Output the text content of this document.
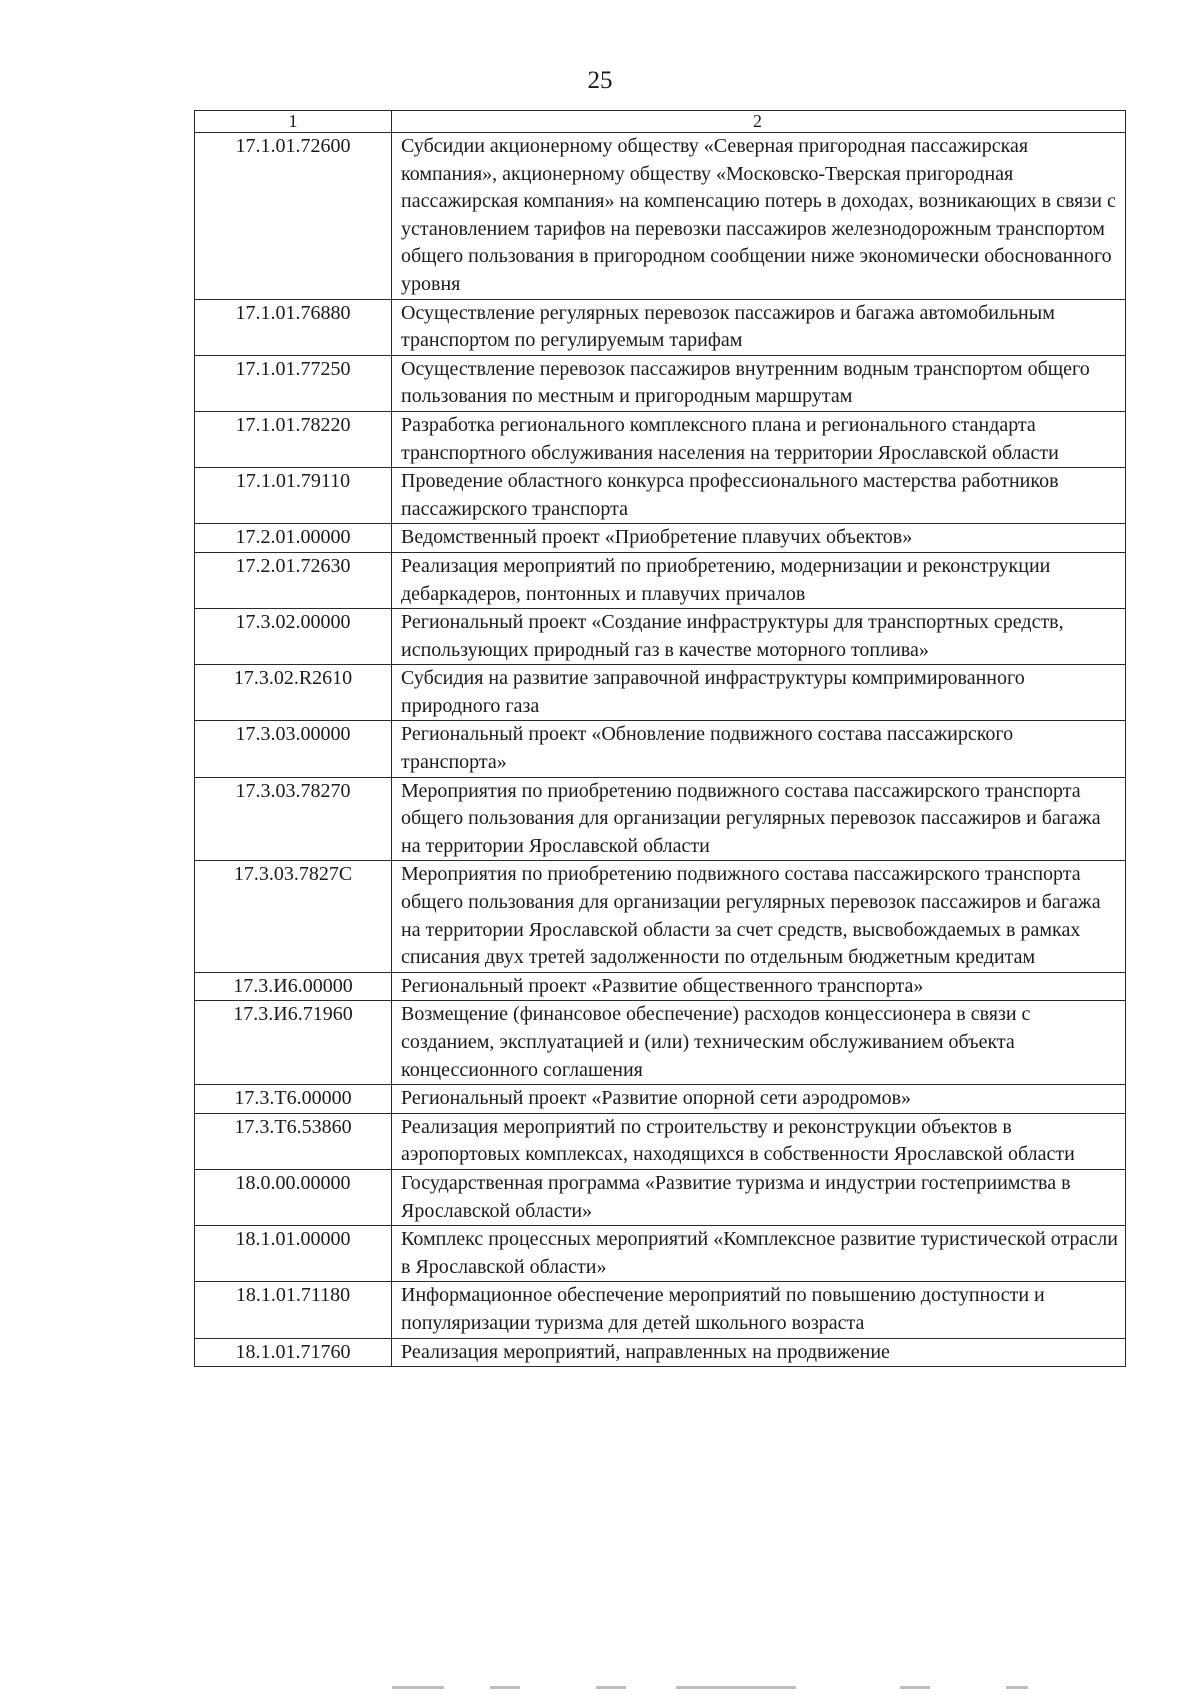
25
1	2
17.1.01.72600	Субсидии акционерному обществу «Северная пригородная пассажирская компания», акционерному обществу «Московско-Тверская пригородная пассажирская компания» на компенсацию потерь в доходах, возникающих в связи с установлением тарифов на перевозки пассажиров железнодорожным транспортом общего пользования в пригородном сообщении ниже экономически обоснованного уровня
17.1.01.76880	Осуществление регулярных перевозок пассажиров и багажа автомобильным транспортом по регулируемым тарифам
17.1.01.77250	Осуществление перевозок пассажиров внутренним водным транспортом общего пользования по местным и пригородным маршрутам
17.1.01.78220	Разработка регионального комплексного плана и регионального стандарта транспортного обслуживания населения на территории Ярославской области
17.1.01.79110	Проведение областного конкурса профессионального мастерства работников пассажирского транспорта
17.2.01.00000	Ведомственный проект «Приобретение плавучих объектов»
17.2.01.72630	Реализация мероприятий по приобретению, модернизации и реконструкции дебаркадеров, понтонных и плавучих причалов
17.3.02.00000	Региональный проект «Создание инфраструктуры для транспортных средств, использующих природный газ в качестве моторного топлива»
17.3.02.R2610	Субсидия на развитие заправочной инфраструктуры компримированного природного газа
17.3.03.00000	Региональный проект «Обновление подвижного состава пассажирского транспорта»
17.3.03.78270	Мероприятия по приобретению подвижного состава пассажирского транспорта общего пользования для организации регулярных перевозок пассажиров и багажа на территории Ярославской области
17.3.03.7827С	Мероприятия по приобретению подвижного состава пассажирского транспорта общего пользования для организации регулярных перевозок пассажиров и багажа на территории Ярославской области за счет средств, высвобождаемых в рамках списания двух третей задолженности по отдельным бюджетным кредитам
17.3.И6.00000	Региональный проект «Развитие общественного транспорта»
17.3.И6.71960	Возмещение (финансовое обеспечение) расходов концессионера в связи с созданием, эксплуатацией и (или) техническим обслуживанием объекта концессионного соглашения
17.3.Т6.00000	Региональный проект «Развитие опорной сети аэродромов»
17.3.Т6.53860	Реализация мероприятий по строительству и реконструкции объектов в аэропортовых комплексах, находящихся в собственности Ярославской области
18.0.00.00000	Государственная программа «Развитие туризма и индустрии гостеприимства в Ярославской области»
18.1.01.00000	Комплекс процессных мероприятий «Комплексное развитие туристической отрасли в Ярославской области»
18.1.01.71180	Информационное обеспечение мероприятий по повышению доступности и популяризации туризма для детей школьного возраста
18.1.01.71760	Реализация мероприятий, направленных на продвижение
